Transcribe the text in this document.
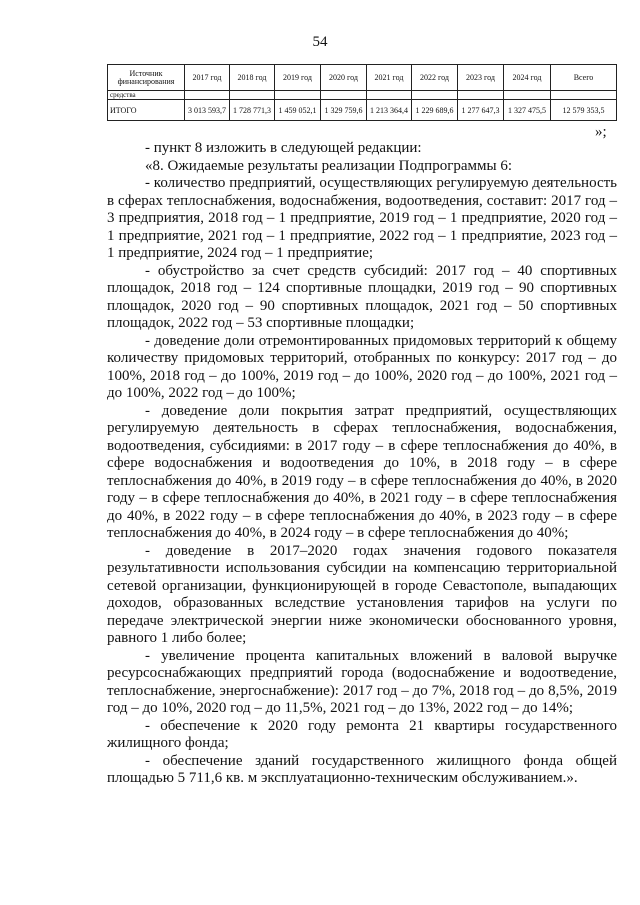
54
Источник финансирования	2017 год	2018 год	2019 год	2020 год	2021 год	2022 год	2023 год	2024 год	Всего
средства									
ИТОГО	3 013 593,7	1 728 771,3	1 459 052,1	1 329 759,6	1 213 364,4	1 229 689,6	1 277 647,3	1 327 475,5	12 579 353,5
»;

- пункт 8 изложить в следующей редакции:

«8. Ожидаемые результаты реализации Подпрограммы 6:

- количество предприятий, осуществляющих регулируемую деятельность в сферах теплоснабжения, водоснабжения, водоотведения, составит: 2017 год – 3 предприятия, 2018 год – 1 предприятие, 2019 год – 1 предприятие, 2020 год – 1 предприятие, 2021 год – 1 предприятие, 2022 год – 1 предприятие, 2023 год – 1 предприятие, 2024 год – 1 предприятие;

- обустройство за счет средств субсидий: 2017 год – 40 спортивных площадок, 2018 год – 124 спортивные площадки, 2019 год – 90 спортивных площадок, 2020 год – 90 спортивных площадок, 2021 год – 50 спортивных площадок, 2022 год – 53 спортивные площадки;

- доведение доли отремонтированных придомовых территорий к общему количеству придомовых территорий, отобранных по конкурсу: 2017 год – до 100%, 2018 год – до 100%, 2019 год – до 100%, 2020 год – до 100%, 2021 год – до 100%, 2022 год – до 100%;

- доведение доли покрытия затрат предприятий, осуществляющих регулируемую деятельность в сферах теплоснабжения, водоснабжения, водоотведения, субсидиями: в 2017 году – в сфере теплоснабжения до 40%, в сфере водоснабжения и водоотведения до 10%, в 2018 году – в сфере теплоснабжения до 40%, в 2019 году – в сфере теплоснабжения до 40%, в 2020 году – в сфере теплоснабжения до 40%, в 2021 году – в сфере теплоснабжения до 40%, в 2022 году – в сфере теплоснабжения до 40%, в 2023 году – в сфере теплоснабжения до 40%, в 2024 году – в сфере теплоснабжения до 40%;

- доведение в 2017–2020 годах значения годового показателя результативности использования субсидии на компенсацию территориальной сетевой организации, функционирующей в городе Севастополе, выпадающих доходов, образованных вследствие установления тарифов на услуги по передаче электрической энергии ниже экономически обоснованного уровня, равного 1 либо более;

- увеличение процента капитальных вложений в валовой выручке ресурсоснабжающих предприятий города (водоснабжение и водоотведение, теплоснабжение, энергоснабжение): 2017 год – до 7%, 2018 год – до 8,5%, 2019 год – до 10%, 2020 год – до 11,5%, 2021 год – до 13%, 2022 год – до 14%;

- обеспечение к 2020 году ремонта 21 квартиры государственного жилищного фонда;

- обеспечение зданий государственного жилищного фонда общей площадью 5 711,6 кв. м эксплуатационно-техническим обслуживанием.».
